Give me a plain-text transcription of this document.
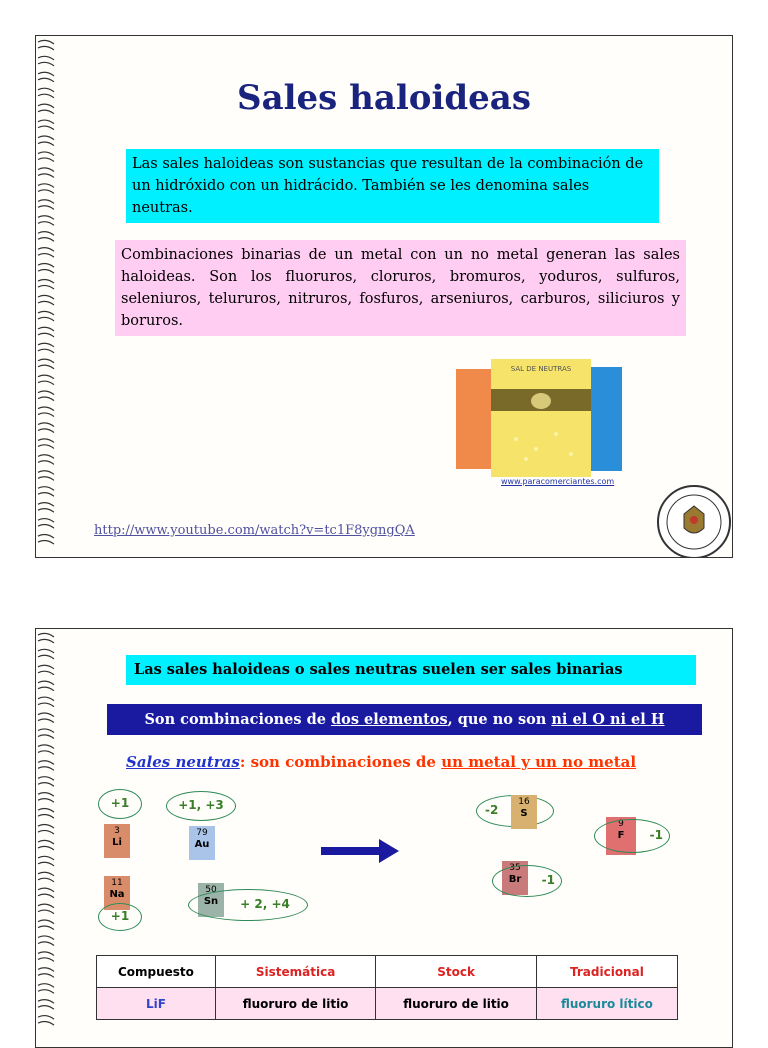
Sales haloideas
Las sales haloideas son sustancias que resultan de la combinación de un hidróxido con un hidrácido. También se les denomina sales neutras.
Combinaciones binarias de un metal con un no metal generan las sales haloideas. Son los fluoruros, cloruros, bromuros, yoduros, sulfuros, seleniuros, telururos, nitruros, fosfuros, arseniuros, carburos, siliciuros y boruros.
SAL DE NEUTRAS
www.paracomerciantes.com
http://www.youtube.com/watch?v=tc1F8ygngQA
Las sales haloideas o sales neutras suelen ser sales binarias
Son combinaciones de dos elementos, que no son ni el O ni el H
Sales neutras: son combinaciones de un metal y un no metal
+1
3
Li
+1, +3
79
Au
11
Na
+1
50
Sn	+ 2, +4
-2
16
S
9
F	-1
35
Br	-1
Compuesto	Sistemática	Stock	Tradicional
LiF	fluoruro de litio	fluoruro de litio	fluoruro lítico
